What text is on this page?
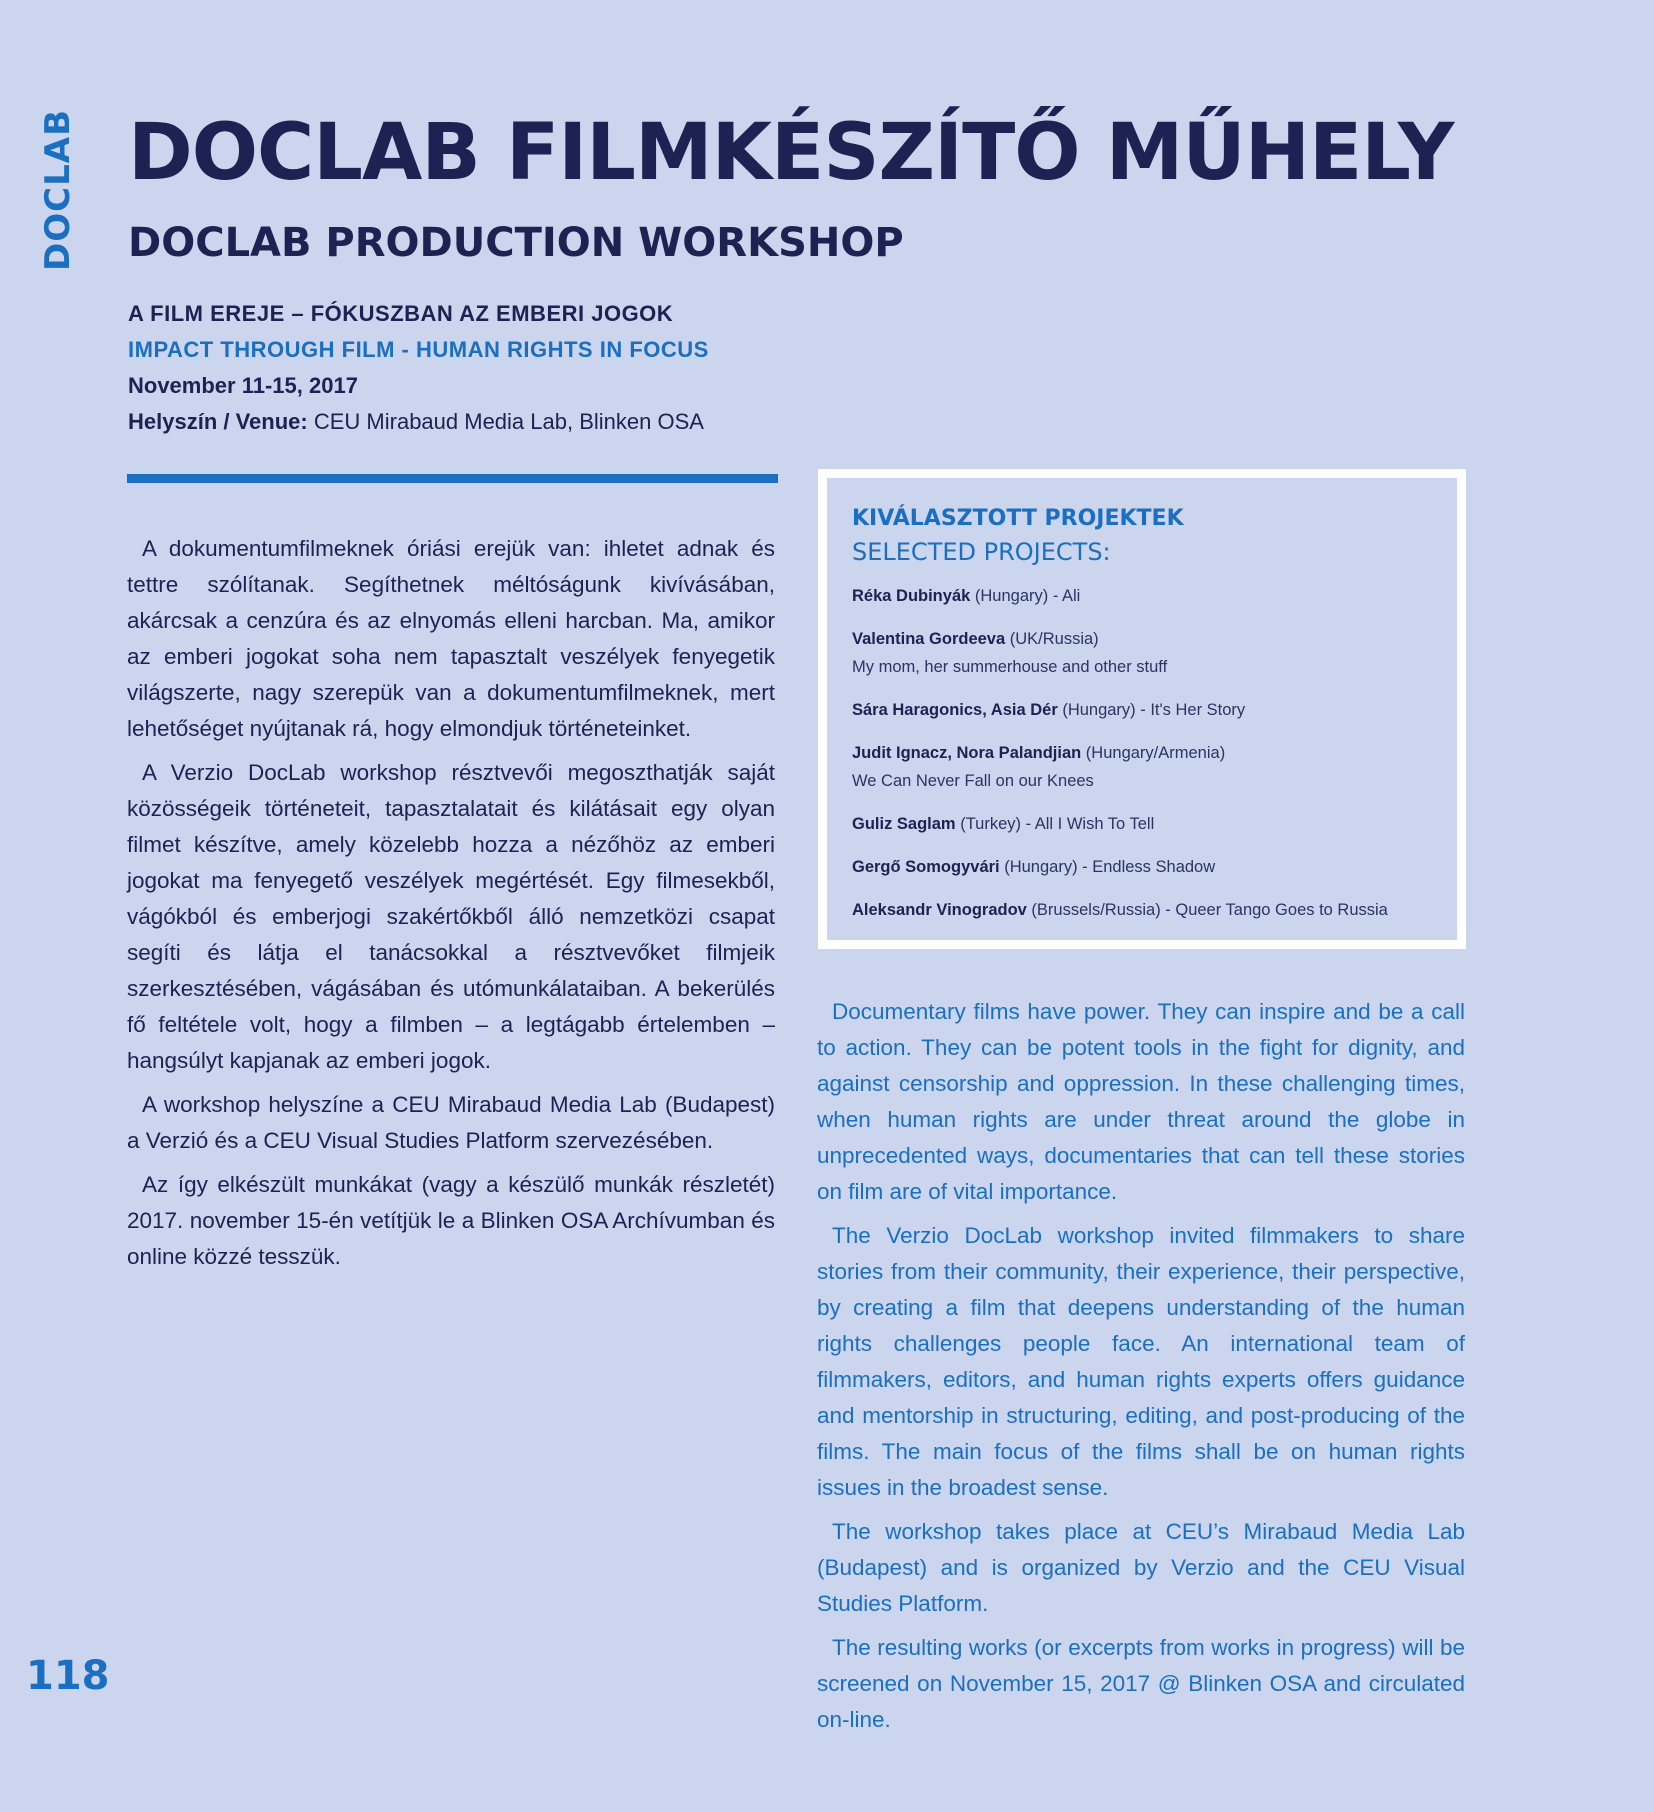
DOCLAB DOCLAB FILMKÉSZÍTŐ MŰHELY
DOCLAB PRODUCTION WORKSHOP
A FILM EREJE – FÓKUSZBAN AZ EMBERI JOGOK
IMPACT THROUGH FILM - HUMAN RIGHTS IN FOCUS
November 11-15, 2017
Helyszín / Venue: CEU Mirabaud Media Lab, Blinken OSA

A dokumentumfilmeknek óriási erejük van: ihletet adnak és tettre szólítanak. Segíthetnek méltóságunk kivívásában, akárcsak a cenzúra és az elnyomás elleni harcban. Ma, amikor az emberi jogokat soha nem tapasztalt veszélyek fenyegetik világszerte, nagy szerepük van a dokumentumfilmeknek, mert lehetőséget nyújtanak rá, hogy elmondjuk történeteinket.

A Verzio DocLab workshop résztvevői megoszthatják saját közösségeik történeteit, tapasztalatait és kilátásait egy olyan filmet készítve, amely közelebb hozza a nézőhöz az emberi jogokat ma fenyegető veszélyek megértését. Egy filmesekből, vágókból és emberjogi szakértőkből álló nemzetközi csapat segíti és látja el tanácsokkal a résztvevőket filmjeik szerkesztésében, vágásában és utómunkálataiban. A bekerülés fő feltétele volt, hogy a filmben – a legtágabb értelemben – hangsúlyt kapjanak az emberi jogok.

A workshop helyszíne a CEU Mirabaud Media Lab (Budapest) a Verzió és a CEU Visual Studies Platform szervezésében.

Az így elkészült munkákat (vagy a készülő munkák részletét) 2017. november 15-én vetítjük le a Blinken OSA Archívumban és online közzé tesszük.

KIVÁLASZTOTT PROJEKTEK
SELECTED PROJECTS:
Réka Dubinyák (Hungary) - Ali
Valentina Gordeeva (UK/Russia)
My mom, her summerhouse and other stuff
Sára Haragonics, Asia Dér (Hungary) - It's Her Story
Judit Ignacz, Nora Palandjian (Hungary/Armenia)
We Can Never Fall on our Knees
Guliz Saglam (Turkey) - All I Wish To Tell
Gergő Somogyvári (Hungary) - Endless Shadow
Aleksandr Vinogradov (Brussels/Russia) - Queer Tango Goes to Russia

Documentary films have power. They can inspire and be a call to action. They can be potent tools in the fight for dignity, and against censorship and oppression. In these challenging times, when human rights are under threat around the globe in unprecedented ways, documentaries that can tell these stories on film are of vital importance.

The Verzio DocLab workshop invited filmmakers to share stories from their community, their experience, their perspective, by creating a film that deepens understanding of the human rights challenges people face. An international team of filmmakers, editors, and human rights experts offers guidance and mentorship in structuring, editing, and post-producing of the films. The main focus of the films shall be on human rights issues in the broadest sense.

The workshop takes place at CEU’s Mirabaud Media Lab (Budapest) and is organized by Verzio and the CEU Visual Studies Platform.

The resulting works (or excerpts from works in progress) will be screened on November 15, 2017 @ Blinken OSA and circulated on-line.

118
